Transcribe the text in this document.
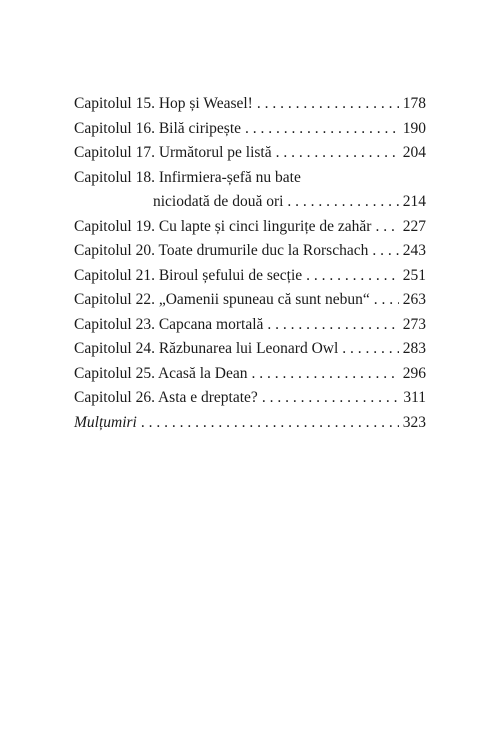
Capitolul 15. Hop și Weasel! . . .	178
Capitolul 16. Bilă ciripește . . .	190
Capitolul 17. Următorul pe listă . . .	204
Capitolul 18. Infirmiera-șefă nu bate
niciodată de două ori . . .	214
Capitolul 19. Cu lapte și cinci lingurițe de zahăr . . . 227
Capitolul 20. Toate drumurile duc la Rorschach . . . 243
Capitolul 21. Biroul șefului de secție . . .	251
Capitolul 22. „Oamenii spuneau că sunt nebun“ . . . 263
Capitolul 23. Capcana mortală . . .	273
Capitolul 24. Răzbunarea lui Leonard Owl . . .	283
Capitolul 25. Acasă la Dean . . .	296
Capitolul 26. Asta e dreptate? . . .	311
Mulțumiri . . .	323
